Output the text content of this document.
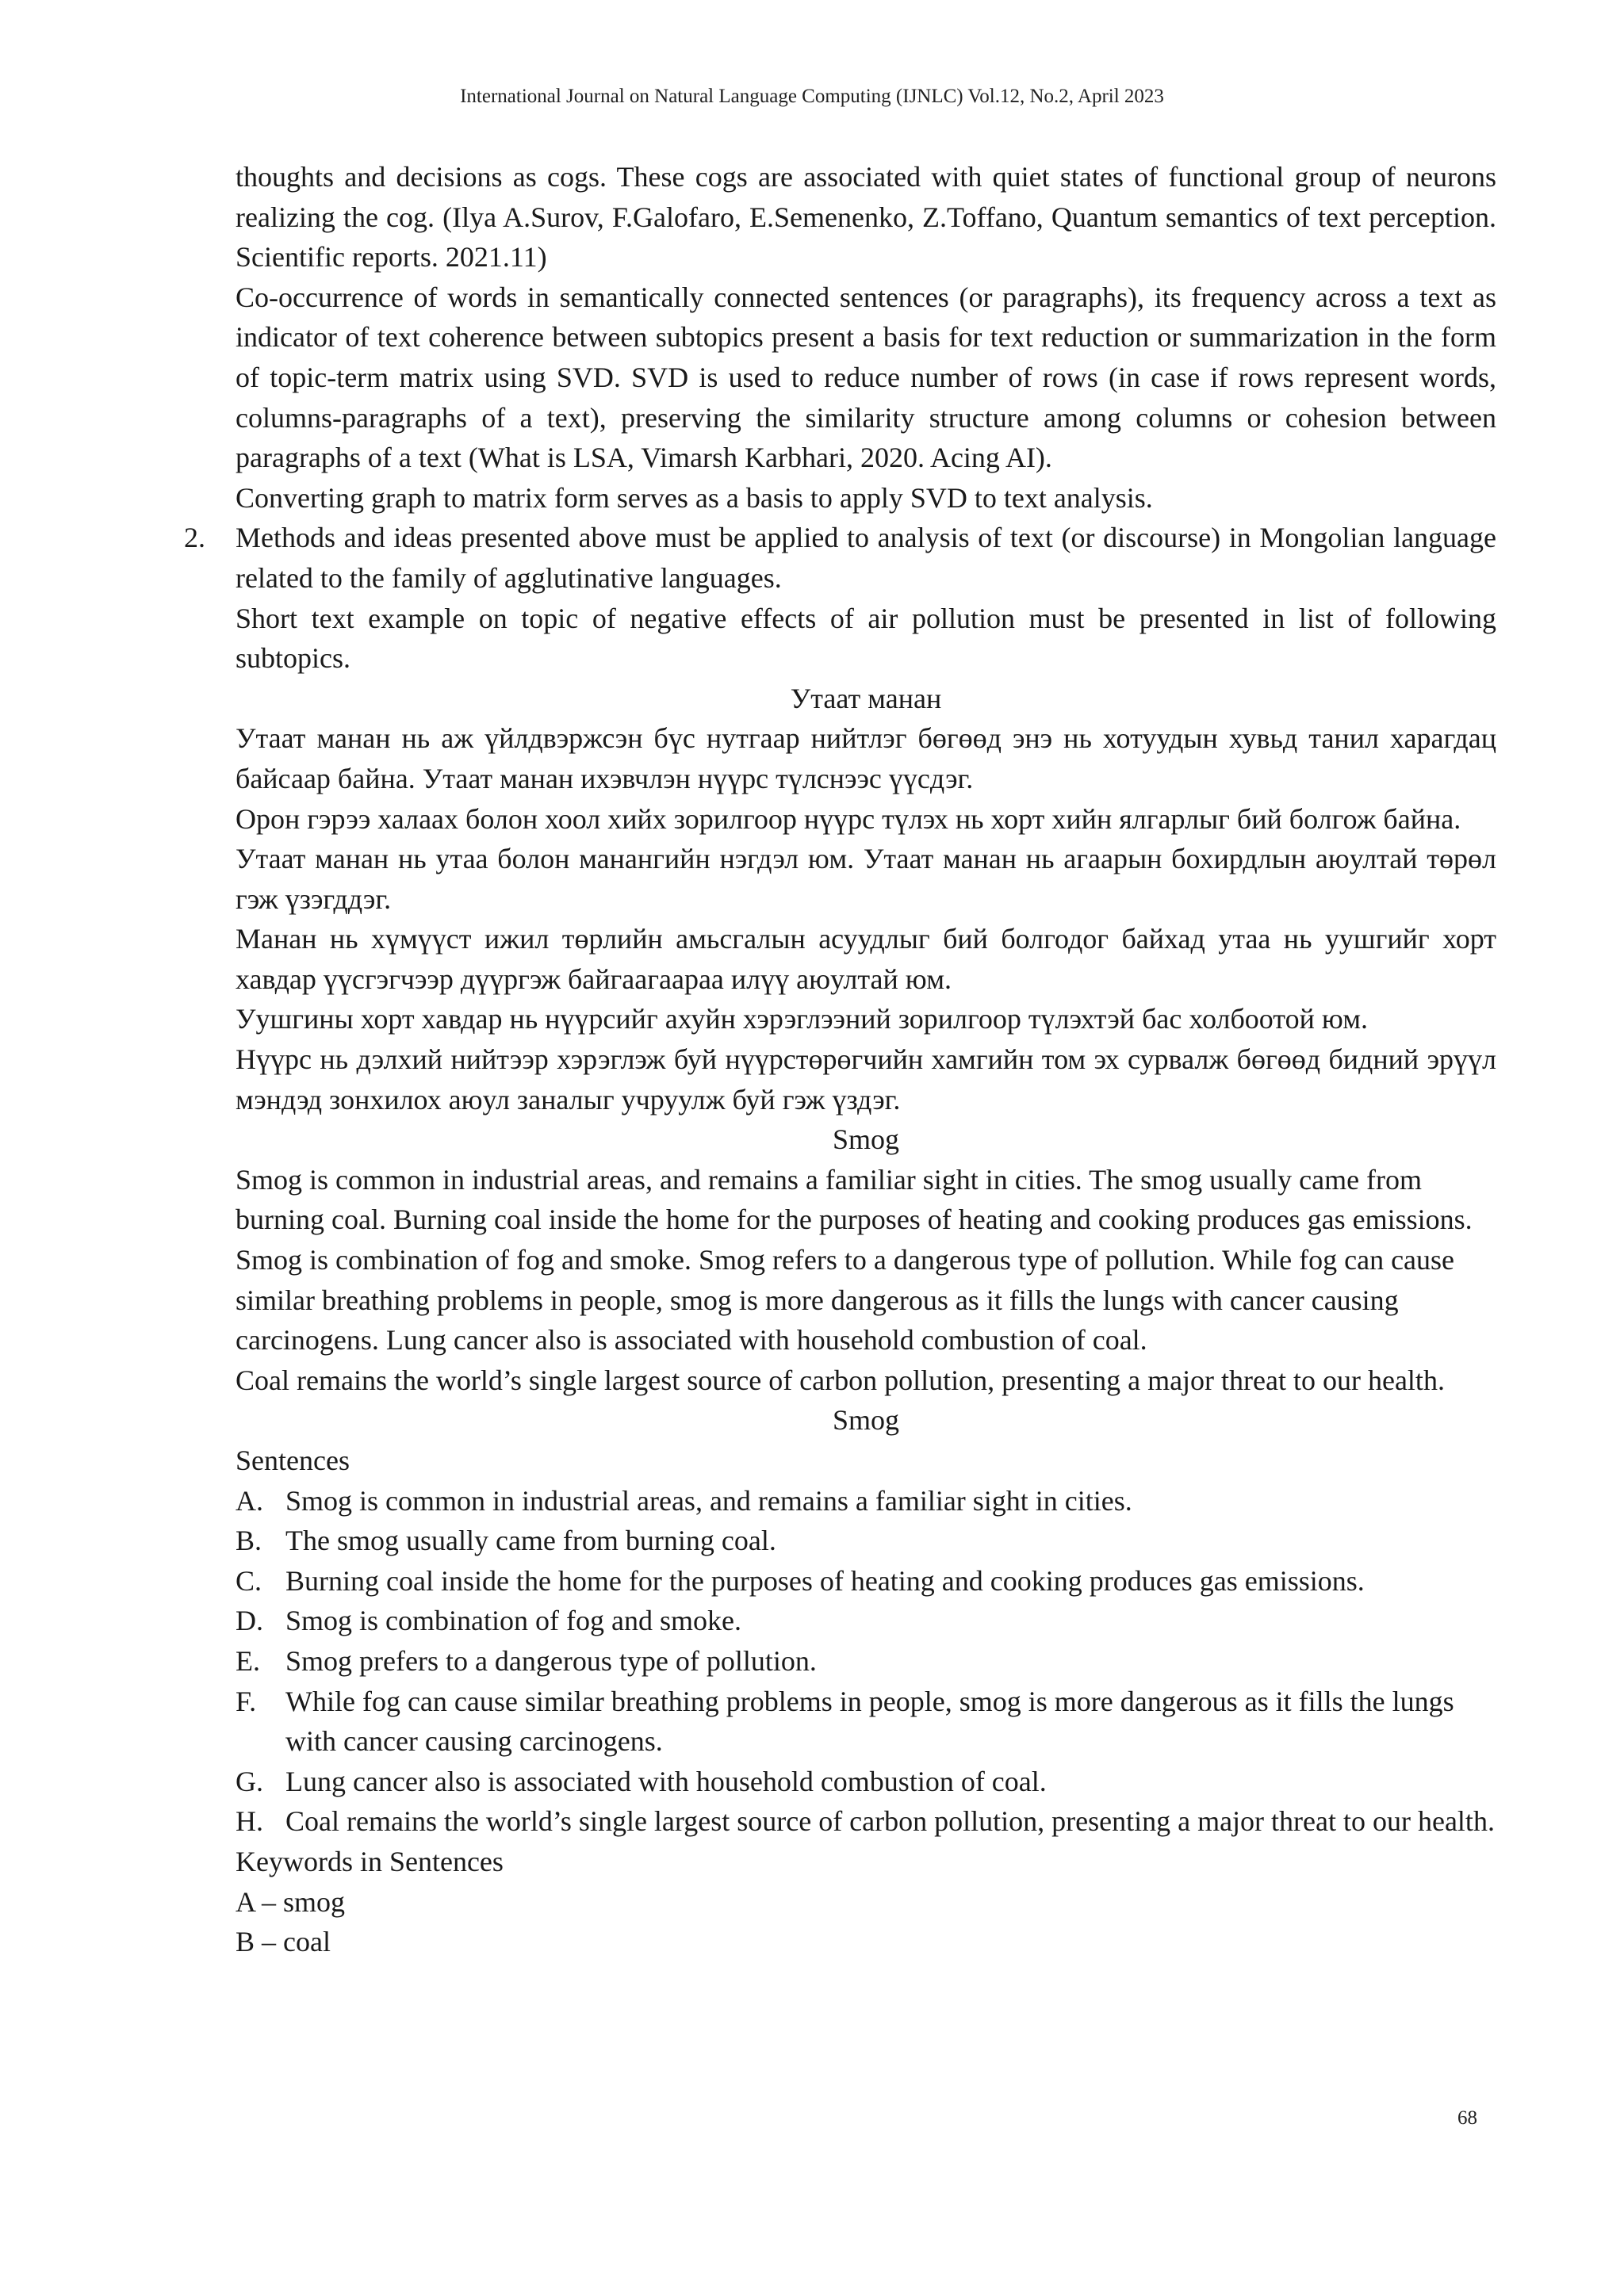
International Journal on Natural Language Computing (IJNLC) Vol.12, No.2, April 2023

thoughts and decisions as cogs. These cogs are associated with quiet states of functional group of neurons realizing the cog. (Ilya A.Surov, F.Galofaro, E.Semenenko, Z.Toffano, Quantum semantics of text perception. Scientific reports. 2021.11)

Co-occurrence of words in semantically connected sentences (or paragraphs), its frequency across a text as indicator of text coherence between subtopics present a basis for text reduction or summarization in the form of topic-term matrix using SVD. SVD is used to reduce number of rows (in case if rows represent words, columns-paragraphs of a text), preserving the similarity structure among columns or cohesion between paragraphs of a text (What is LSA, Vimarsh Karbhari, 2020. Acing AI).

Converting graph to matrix form serves as a basis to apply SVD to text analysis.

2. Methods and ideas presented above must be applied to analysis of text (or discourse) in Mongolian language related to the family of agglutinative languages.

Short text example on topic of negative effects of air pollution must be presented in list of following subtopics.

Утаат манан

Утаат манан нь аж үйлдвэржсэн бүс нутгаар нийтлэг бөгөөд энэ нь хотуудын хувьд танил харагдац байсаар байна. Утаат манан ихэвчлэн нүүрс түлснээс үүсдэг.

Орон гэрээ халаах болон хоол хийх зорилгоор нүүрс түлэх нь хорт хийн ялгарлыг бий болгож байна.

Утаат манан нь утаа болон манангийн нэгдэл юм. Утаат манан нь агаарын бохирдлын аюултай төрөл гэж үзэгддэг.

Манан нь хүмүүст ижил төрлийн амьсгалын асуудлыг бий болгодог байхад утаа нь уушгийг хорт хавдар үүсгэгчээр дүүргэж байгаагаараа илүү аюултай юм.

Уушгины хорт хавдар нь нүүрсийг ахуйн хэрэглээний зорилгоор түлэхтэй бас холбоотой юм.

Нүүрс нь дэлхий нийтээр хэрэглэж буй нүүрстөрөгчийн хамгийн том эх сурвалж бөгөөд бидний эрүүл мэндэд зонхилох аюул заналыг учруулж буй гэж үздэг.

Smog

Smog is common in industrial areas, and remains a familiar sight in cities. The smog usually came from burning coal. Burning coal inside the home for the purposes of heating and cooking produces gas emissions.

Smog is combination of fog and smoke. Smog refers to a dangerous type of pollution. While fog can cause similar breathing problems in people, smog is more dangerous as it fills the lungs with cancer causing carcinogens. Lung cancer also is associated with household combustion of coal.

Coal remains the world’s single largest source of carbon pollution, presenting a major threat to our health.

Smog

Sentences

A. Smog is common in industrial areas, and remains a familiar sight in cities.

B. The smog usually came from burning coal.

C. Burning coal inside the home for the purposes of heating and cooking produces gas emissions.

D. Smog is combination of fog and smoke.

E. Smog prefers to a dangerous type of pollution.

F. While fog can cause similar breathing problems in people, smog is more dangerous as it fills the lungs with cancer causing carcinogens.

G. Lung cancer also is associated with household combustion of coal.

H. Coal remains the world’s single largest source of carbon pollution, presenting a major threat to our health.

Keywords in Sentences

A – smog

B – coal

68
